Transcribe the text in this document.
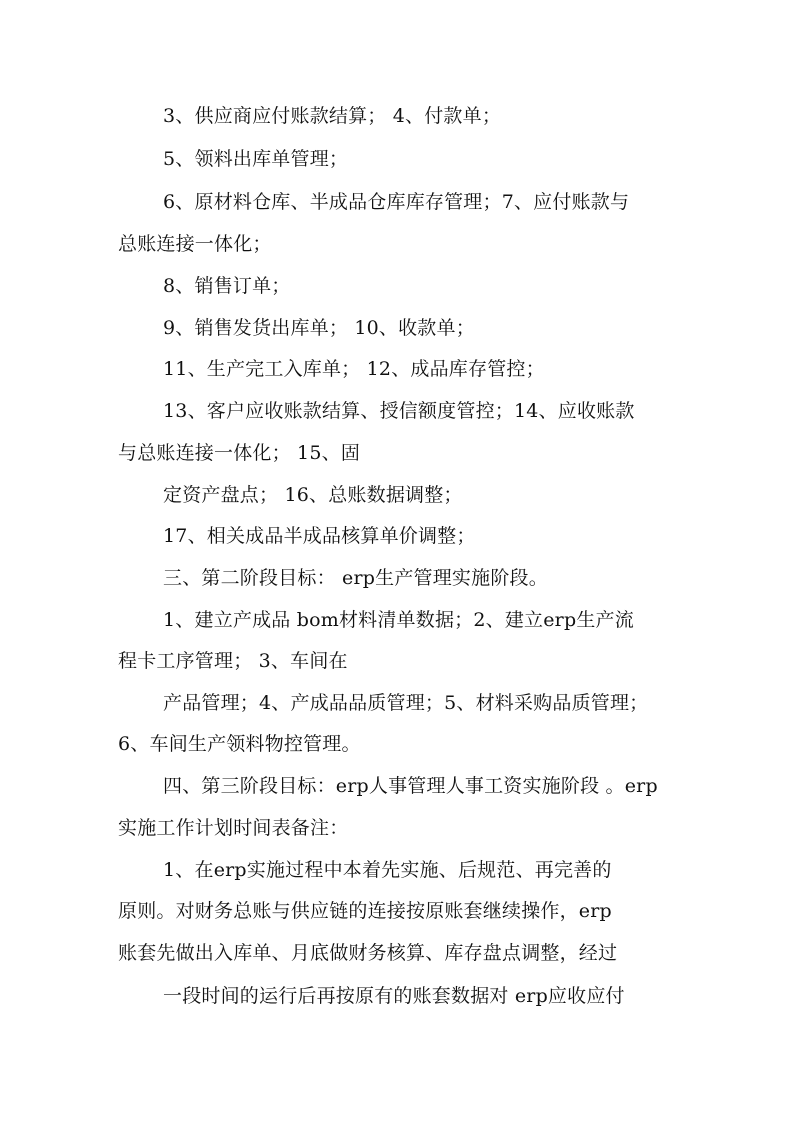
3、供应商应付账款结算； 4、付款单；
5、领料出库单管理；
6、原材料仓库、半成品仓库库存管理；7、应付账款与
总账连接一体化；
8、销售订单；
9、销售发货出库单； 10、收款单；
11、生产完工入库单； 12、成品库存管控；
13、客户应收账款结算、授信额度管控；14、应收账款
与总账连接一体化； 15、固
定资产盘点； 16、总账数据调整；
17、相关成品半成品核算单价调整；
三、第二阶段目标： erp生产管理实施阶段。
1、建立产成品 bom材料清单数据；2、建立erp生产流
程卡工序管理； 3、车间在
产品管理；4、产成品品质管理；5、材料采购品质管理；
6、车间生产领料物控管理。
四、第三阶段目标：erp人事管理人事工资实施阶段 。erp
实施工作计划时间表备注：
1、在erp实施过程中本着先实施、后规范、再完善的
原则。对财务总账与供应链的连接按原账套继续操作，erp
账套先做出入库单、月底做财务核算、库存盘点调整，经过
一段时间的运行后再按原有的账套数据对 erp应收应付
